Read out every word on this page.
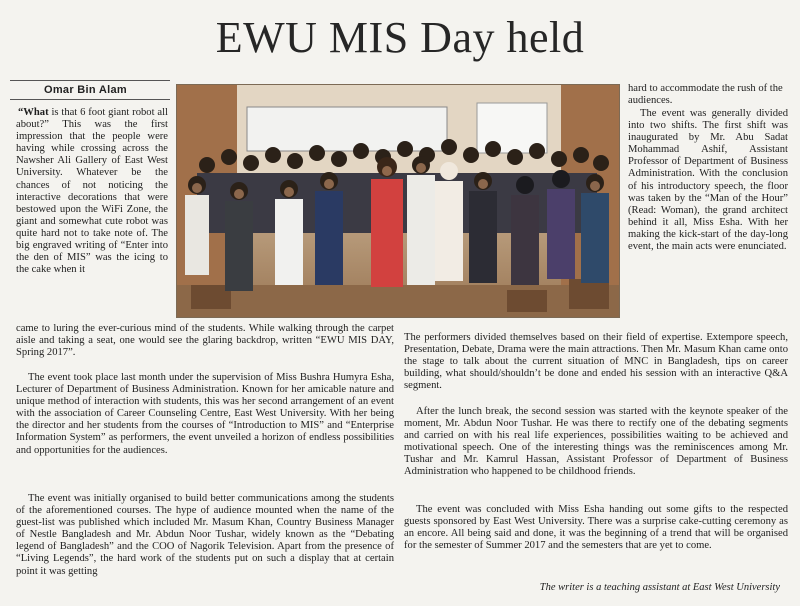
EWU MIS Day held
Omar Bin Alam

“What is that 6 foot giant robot all about?” This was the first impression that the people were having while crossing across the Nawsher Ali Gallery of East West University. Whatever be the chances of not noticing the interactive decorations that were bestowed upon the WiFi Zone, the giant and somewhat cute robot was quite hard not to take note of. The big engraved writing of “Enter into the den of MIS” was the icing to the cake when it

hard to accommodate the rush of the audiences.

The event was generally divided into two shifts. The first shift was inaugurated by Mr. Abu Sadat Mohammad Ashif, Assistant Professor of Department of Business Administration. With the conclusion of his introductory speech, the floor was taken by the “Man of the Hour” (Read: Woman), the grand architect behind it all, Miss Esha. With her making the kick-start of the day-long event, the main acts were enunciated.

came to luring the ever-curious mind of the students. While walking through the carpet aisle and taking a seat, one would see the glaring backdrop, written “EWU MIS DAY, Spring 2017”.

The event took place last month under the supervision of Miss Bushra Humyra Esha, Lecturer of Department of Business Administration. Known for her amicable nature and unique method of interaction with students, this was her second arrangement of an event with the association of Career Counseling Centre, East West University. With her being the director and her students from the courses of “Introduction to MIS” and “Enterprise Information System” as performers, the event unveiled a horizon of endless possibilities and opportunities for the audiences.

The event was initially organised to build better communications among the students of the aforementioned courses. The hype of audience mounted when the name of the guest-list was published which included Mr. Masum Khan, Country Business Manager of Nestle Bangladesh and Mr. Abdun Noor Tushar, widely known as the “Debating legend of Bangladesh” and the COO of Nagorik Television. Apart from the presence of “Living Legends”, the hard work of the students put on such a display that at certain point it was getting

The performers divided themselves based on their field of expertise. Extempore speech, Presentation, Debate, Drama were the main attractions. Then Mr. Masum Khan came onto the stage to talk about the current situation of MNC in Bangladesh, tips on career building, what should/shouldn’t be done and ended his session with an interactive Q&A segment.

After the lunch break, the second session was started with the keynote speaker of the moment, Mr. Abdun Noor Tushar. He was there to rectify one of the debating segments and carried on with his real life experiences, possibilities waiting to be achieved and motivational speech. One of the interesting things was the reminiscences among Mr. Tushar and Mr. Kamrul Hassan, Assistant Professor of Department of Business Administration who happened to be childhood friends.

The event was concluded with Miss Esha handing out some gifts to the respected guests sponsored by East West University. There was a surprise cake-cutting ceremony as an encore. All being said and done, it was the beginning of a trend that will be organised for the semester of Summer 2017 and the semesters that are yet to come.

The writer is a teaching assistant at East West University
